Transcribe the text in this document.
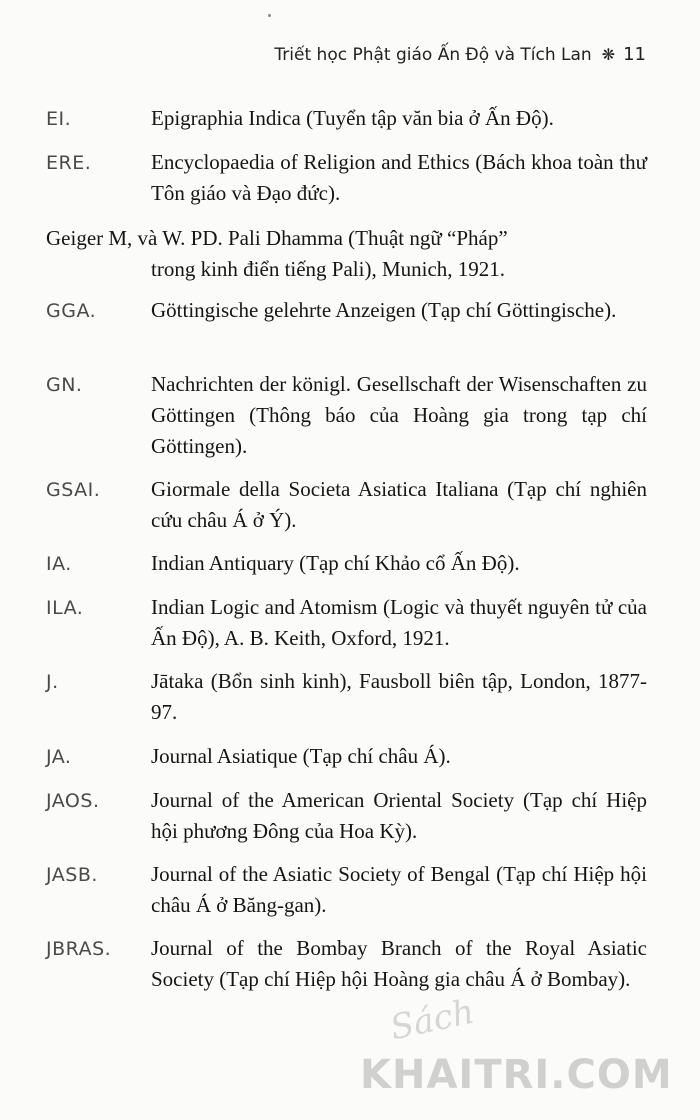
Triết học Phật giáo Ấn Độ và Tích Lan ❋ 11
EI.	Epigraphia Indica (Tuyển tập văn bia ở Ấn Độ).
ERE.	Encyclopaedia of Religion and Ethics (Bách khoa toàn thư Tôn giáo và Đạo đức).
Geiger M, và W. PD. Pali Dhamma (Thuật ngữ “Pháp”
trong kinh điển tiếng Pali), Munich, 1921.
GGA.	Göttingische gelehrte Anzeigen (Tạp chí Göttingische).
GN.	Nachrichten der königl. Gesellschaft der Wisenschaften zu Göttingen (Thông báo của Hoàng gia trong tạp chí Göttingen).
GSAI. Giormale della Societa Asiatica Italiana (Tạp chí nghiên cứu châu Á ở Ý).
IA.	Indian Antiquary (Tạp chí Khảo cổ Ấn Độ).
ILA.	Indian Logic and Atomism (Logic và thuyết nguyên tử của Ấn Độ), A. B. Keith, Oxford, 1921.
J.	Jātaka (Bổn sinh kinh), Fausboll biên tập, London, 1877-97.
JA.	Journal Asiatique (Tạp chí châu Á).
JAOS. Journal of the American Oriental Society (Tạp chí Hiệp hội phương Đông của Hoa Kỳ).
JASB.	Journal of the Asiatic Society of Bengal (Tạp chí Hiệp hội châu Á ở Băng-gan).
JBRAS. Journal of the Bombay Branch of the Royal Asiatic Society (Tạp chí Hiệp hội Hoàng gia châu Á ở Bombay).
Sách
KHAITRI.COM
